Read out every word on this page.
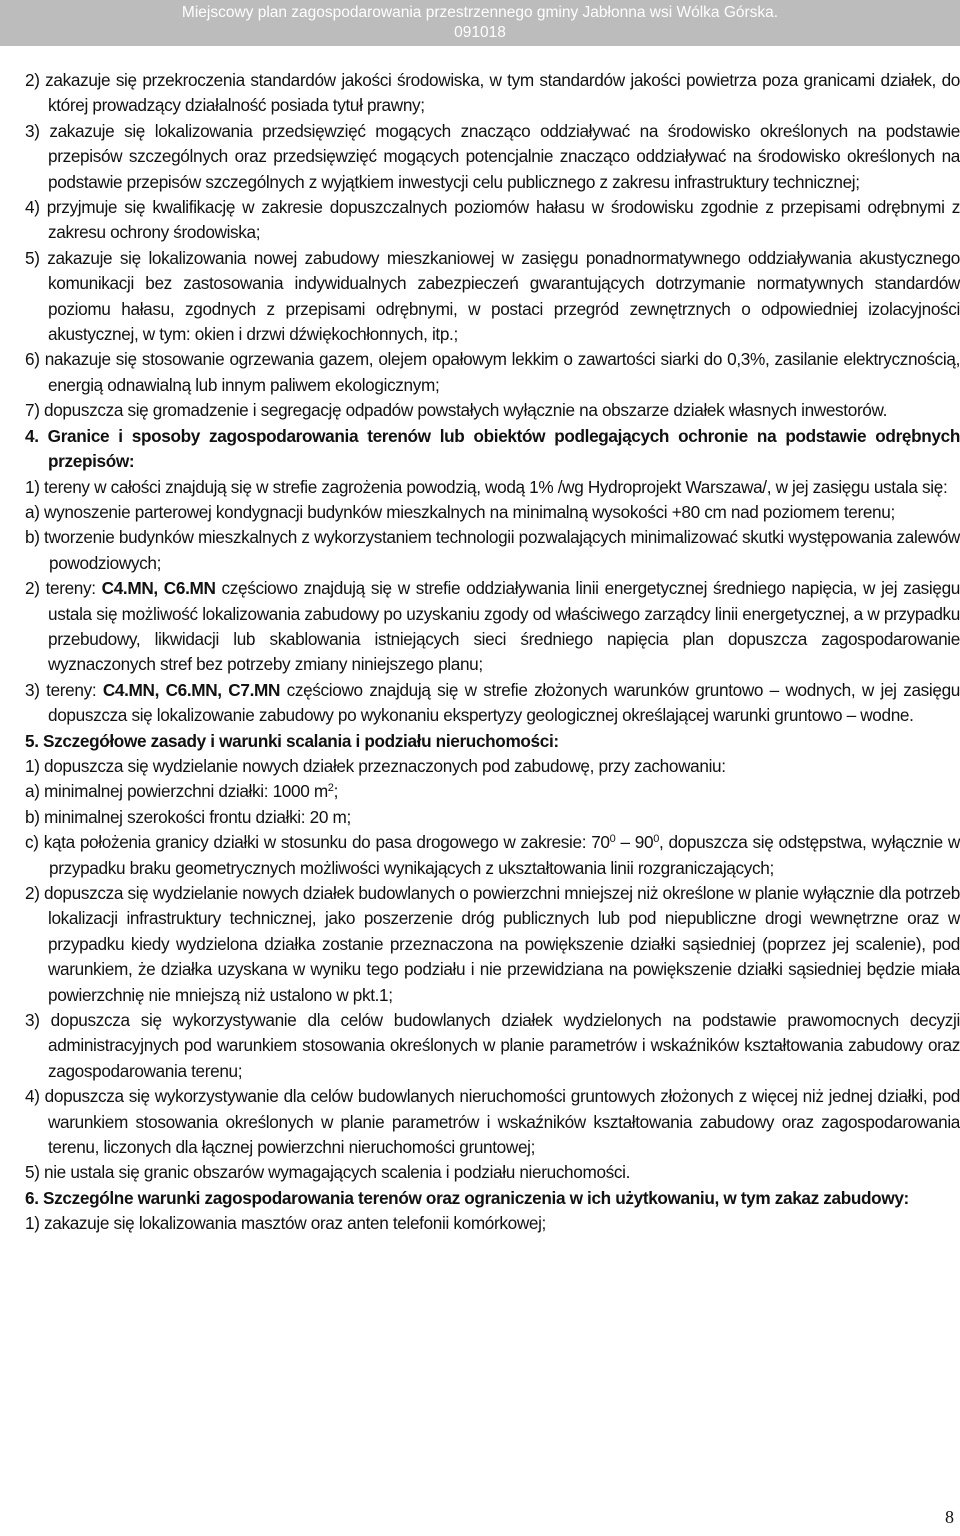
Miejscowy plan zagospodarowania przestrzennego gminy Jabłonna wsi Wólka Górska.
091018

2) zakazuje się przekroczenia standardów jakości środowiska, w tym standardów jakości powietrza poza granicami działek, do której prowadzący działalność posiada tytuł prawny;

3) zakazuje się lokalizowania przedsięwzięć mogących znacząco oddziaływać na środowisko określonych na podstawie przepisów szczególnych oraz przedsięwzięć mogących potencjalnie znacząco oddziaływać na środowisko określonych na podstawie przepisów szczególnych z wyjątkiem inwestycji celu publicznego z zakresu infrastruktury technicznej;

4) przyjmuje się kwalifikację w zakresie dopuszczalnych poziomów hałasu w środowisku zgodnie z przepisami odrębnymi z zakresu ochrony środowiska;

5) zakazuje się lokalizowania nowej zabudowy mieszkaniowej w zasięgu ponadnormatywnego oddziaływania akustycznego komunikacji bez zastosowania indywidualnych zabezpieczeń gwarantujących dotrzymanie normatywnych standardów poziomu hałasu, zgodnych z przepisami odrębnymi, w postaci przegród zewnętrznych o odpowiedniej izolacyjności akustycznej, w tym: okien i drzwi dźwiękochłonnych, itp.;

6) nakazuje się stosowanie ogrzewania gazem, olejem opałowym lekkim o zawartości siarki do 0,3%, zasilanie elektrycznością, energią odnawialną lub innym paliwem ekologicznym;

7) dopuszcza się gromadzenie i segregację odpadów powstałych wyłącznie na obszarze działek własnych inwestorów.

4. Granice i sposoby zagospodarowania terenów lub obiektów podlegających ochronie na podstawie odrębnych przepisów:

1) tereny w całości znajdują się w strefie zagrożenia powodzią, wodą 1% /wg Hydroprojekt Warszawa/, w jej zasięgu ustala się:

a) wynoszenie parterowej kondygnacji budynków mieszkalnych na minimalną wysokości +80 cm nad poziomem terenu;

b) tworzenie budynków mieszkalnych z wykorzystaniem technologii pozwalających minimalizować skutki występowania zalewów powodziowych;

2) tereny: C4.MN, C6.MN częściowo znajdują się w strefie oddziaływania linii energetycznej średniego napięcia, w jej zasięgu ustala się możliwość lokalizowania zabudowy po uzyskaniu zgody od właściwego zarządcy linii energetycznej, a w przypadku przebudowy, likwidacji lub skablowania istniejących sieci średniego napięcia plan dopuszcza zagospodarowanie wyznaczonych stref bez potrzeby zmiany niniejszego planu;

3) tereny: C4.MN, C6.MN, C7.MN częściowo znajdują się w strefie złożonych warunków gruntowo – wodnych, w jej zasięgu dopuszcza się lokalizowanie zabudowy po wykonaniu ekspertyzy geologicznej określającej warunki gruntowo – wodne.

5. Szczegółowe zasady i warunki scalania i podziału nieruchomości:

1) dopuszcza się wydzielanie nowych działek przeznaczonych pod zabudowę, przy zachowaniu:

a) minimalnej powierzchni działki: 1000 $m^2$;

b) minimalnej szerokości frontu działki: 20 m;

c) kąta położenia granicy działki w stosunku do pasa drogowego w zakresie: $70^0 - 90^0$, dopuszcza się odstępstwa, wyłącznie w przypadku braku geometrycznych możliwości wynikających z ukształtowania linii rozgraniczających;

2) dopuszcza się wydzielanie nowych działek budowlanych o powierzchni mniejszej niż określone w planie wyłącznie dla potrzeb lokalizacji infrastruktury technicznej, jako poszerzenie dróg publicznych lub pod niepubliczne drogi wewnętrzne oraz w przypadku kiedy wydzielona działka zostanie przeznaczona na powiększenie działki sąsiedniej (poprzez jej scalenie), pod warunkiem, że działka uzyskana w wyniku tego podziału i nie przewidziana na powiększenie działki sąsiedniej będzie miała powierzchnię nie mniejszą niż ustalono w pkt.1;

3) dopuszcza się wykorzystywanie dla celów budowlanych działek wydzielonych na podstawie prawomocnych decyzji administracyjnych pod warunkiem stosowania określonych w planie parametrów i wskaźników kształtowania zabudowy oraz zagospodarowania terenu;

4) dopuszcza się wykorzystywanie dla celów budowlanych nieruchomości gruntowych złożonych z więcej niż jednej działki, pod warunkiem stosowania określonych w planie parametrów i wskaźników kształtowania zabudowy oraz zagospodarowania terenu, liczonych dla łącznej powierzchni nieruchomości gruntowej;

5) nie ustala się granic obszarów wymagających scalenia i podziału nieruchomości.

6. Szczególne warunki zagospodarowania terenów oraz ograniczenia w ich użytkowaniu, w tym zakaz zabudowy:

1) zakazuje się lokalizowania masztów oraz anten telefonii komórkowej;

8
